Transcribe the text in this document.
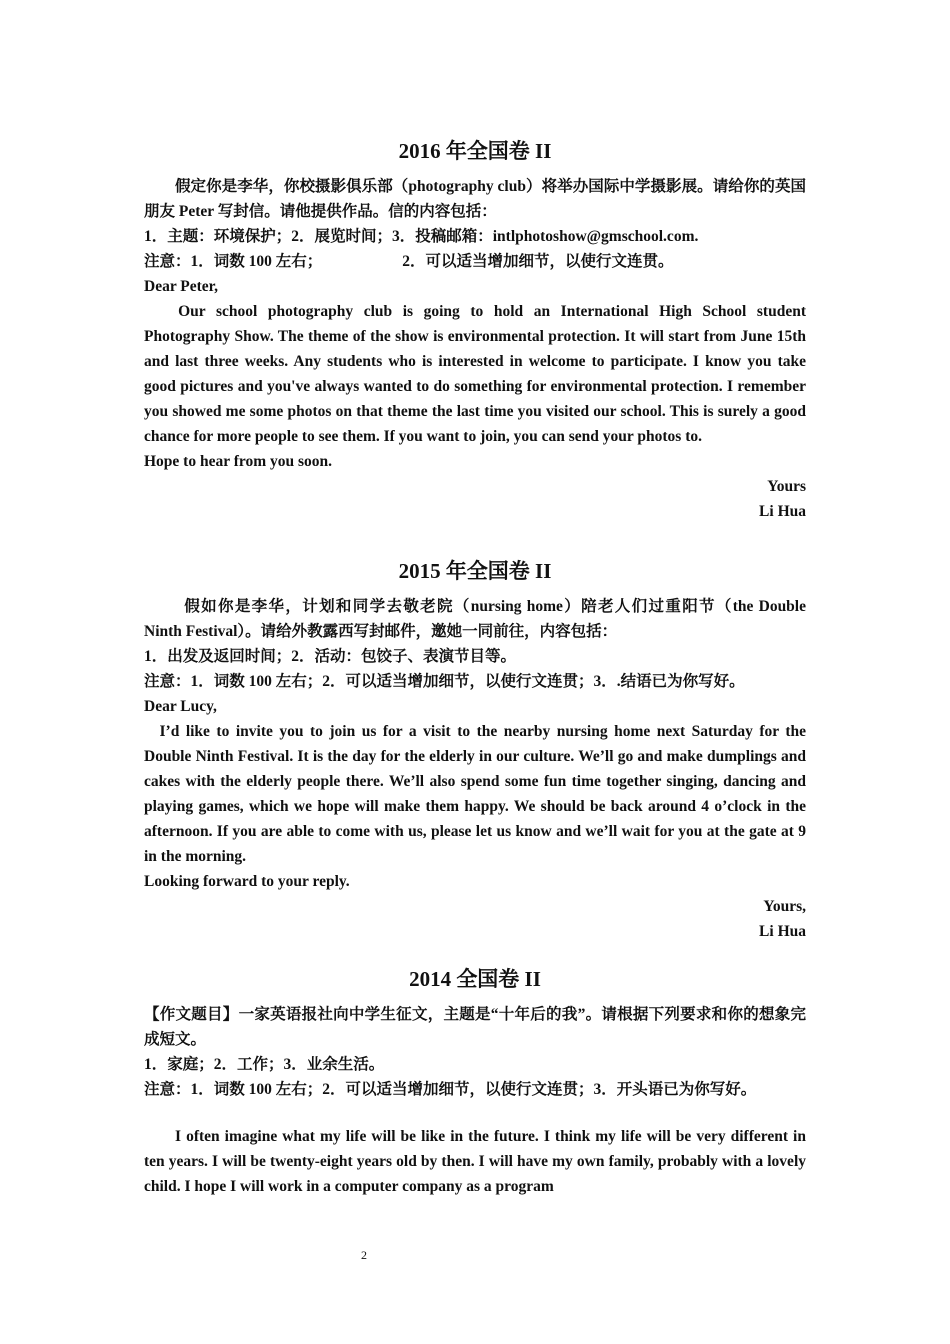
2016 年全国卷 II

假定你是李华，你校摄影俱乐部（photography club）将举办国际中学摄影展。请给你的英国朋友 Peter 写封信。请他提供作品。信的内容包括：

1．主题：环境保护；2．展览时间；3．投稿邮箱：intlphotoshow@gmschool.com.

注意：1．词数 100 左右；	2．可以适当增加细节，以使行文连贯。

Dear Peter,

Our school photography club is going to hold an International High School student Photography Show. The theme of the show is environmental protection. It will start from June 15th and last three weeks. Any students who is interested in welcome to participate. I know you take good pictures and you've always wanted to do something for environmental protection. I remember you showed me some photos on that theme the last time you visited our school. This is surely a good chance for more people to see them. If you want to join, you can send your photos to.

Hope to hear from you soon.

Yours

Li Hua

2015 年全国卷 II

假如你是李华，计划和同学去敬老院（nursing home）陪老人们过重阳节（the Double Ninth Festival）。请给外教露西写封邮件，邀她一同前往，内容包括：

1．出发及返回时间；2．活动：包饺子、表演节目等。

注意：1．词数 100 左右；2．可以适当增加细节，以使行文连贯；3．.结语已为你写好。

Dear Lucy,

I’d like to invite you to join us for a visit to the nearby nursing home next Saturday for the Double Ninth Festival. It is the day for the elderly in our culture. We’ll go and make dumplings and cakes with the elderly people there. We’ll also spend some fun time together singing, dancing and playing games, which we hope will make them happy. We should be back around 4 o’clock in the afternoon. If you are able to come with us, please let us know and we’ll wait for you at the gate at 9 in the morning.

Looking forward to your reply.

Yours,

Li Hua

2014 全国卷 II

【作文题目】一家英语报社向中学生征文，主题是“十年后的我”。请根据下列要求和你的想象完成短文。

1．家庭；2．工作；3．业余生活。

注意：1．词数 100 左右；2．可以适当增加细节，以使行文连贯；3．开头语已为你写好。

I often imagine what my life will be like in the future. I think my life will be very different in ten years. I will be twenty-eight years old by then. I will have my own family, probably with a lovely child. I hope I will work in a computer company as a program

2
